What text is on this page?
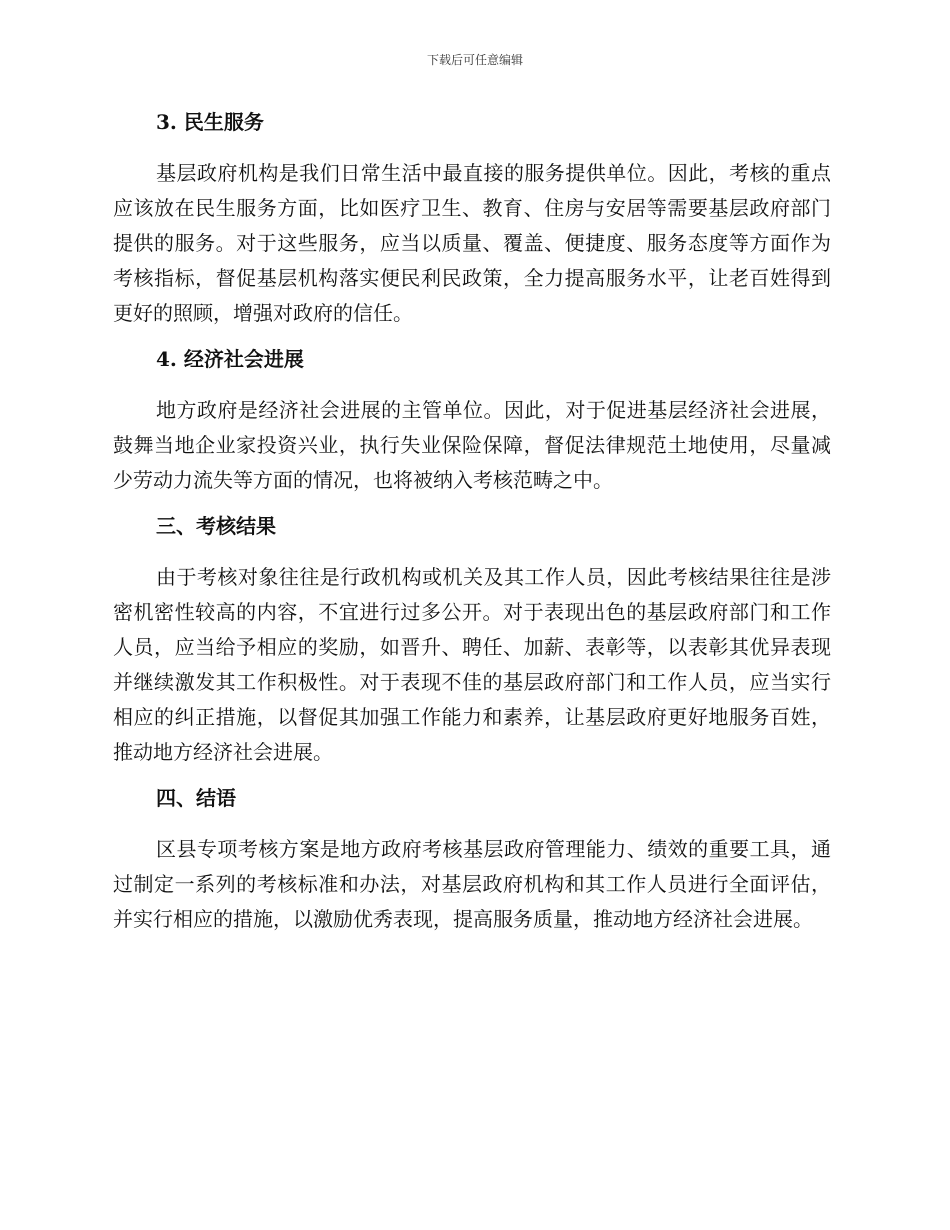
下载后可任意编辑
3. 民生服务

基层政府机构是我们日常生活中最直接的服务提供单位。因此，考核的重点应该放在民生服务方面，比如医疗卫生、教育、住房与安居等需要基层政府部门提供的服务。对于这些服务，应当以质量、覆盖、便捷度、服务态度等方面作为考核指标，督促基层机构落实便民利民政策，全力提高服务水平，让老百姓得到更好的照顾，增强对政府的信任。

4. 经济社会进展

地方政府是经济社会进展的主管单位。因此，对于促进基层经济社会进展，鼓舞当地企业家投资兴业，执行失业保险保障，督促法律规范土地使用，尽量减少劳动力流失等方面的情况，也将被纳入考核范畴之中。

三、考核结果

由于考核对象往往是行政机构或机关及其工作人员，因此考核结果往往是涉密机密性较高的内容，不宜进行过多公开。对于表现出色的基层政府部门和工作人员，应当给予相应的奖励，如晋升、聘任、加薪、表彰等，以表彰其优异表现并继续激发其工作积极性。对于表现不佳的基层政府部门和工作人员，应当实行相应的纠正措施，以督促其加强工作能力和素养，让基层政府更好地服务百姓，推动地方经济社会进展。

四、结语

区县专项考核方案是地方政府考核基层政府管理能力、绩效的重要工具，通过制定一系列的考核标准和办法，对基层政府机构和其工作人员进行全面评估，并实行相应的措施，以激励优秀表现，提高服务质量，推动地方经济社会进展。
